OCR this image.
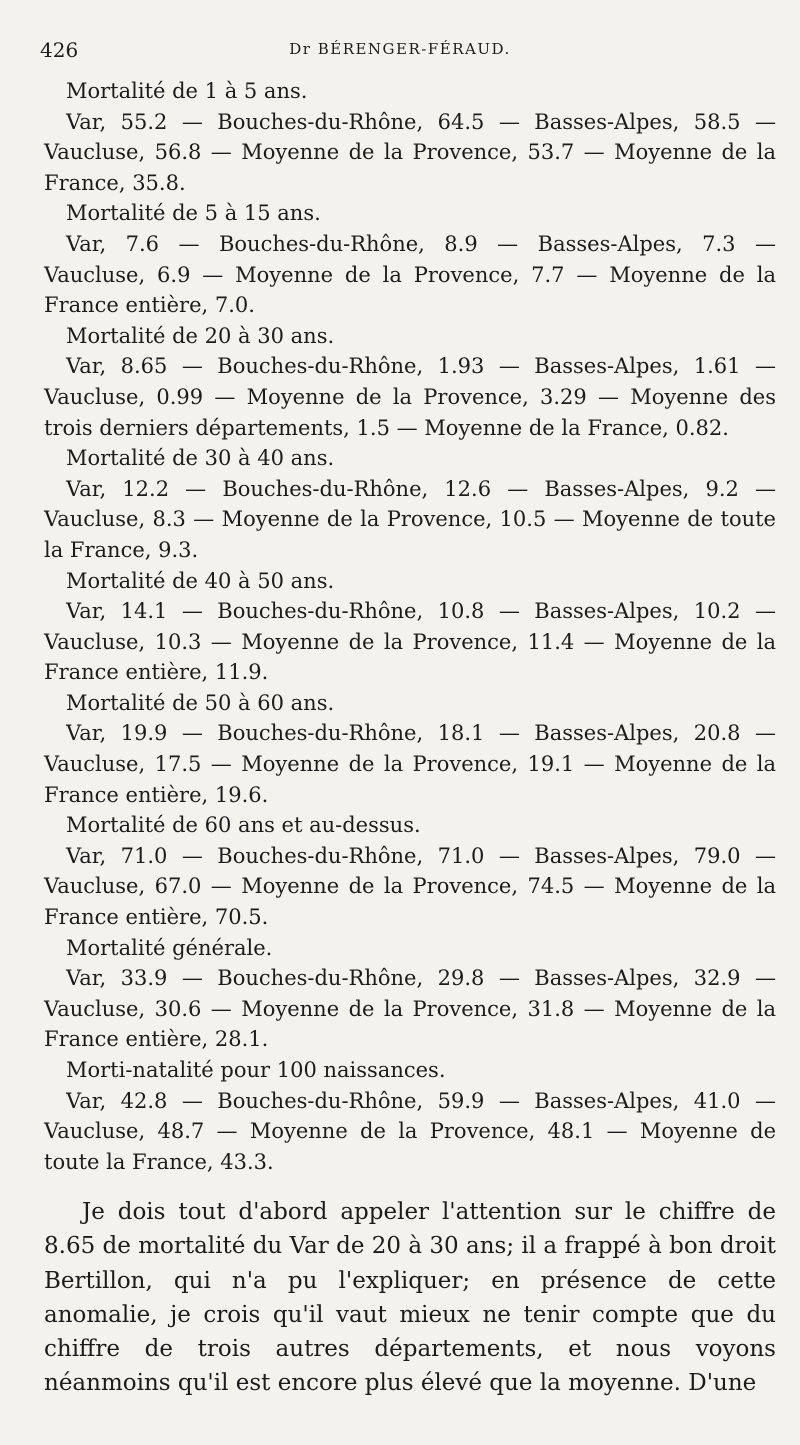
426	Dr BÉRENGER-FÉRAUD.

Mortalité de 1 à 5 ans.

Var, 55.2 — Bouches-du-Rhône, 64.5 — Basses-Alpes, 58.5 — Vaucluse, 56.8 — Moyenne de la Provence, 53.7 — Moyenne de la France, 35.8.

Mortalité de 5 à 15 ans.

Var, 7.6 — Bouches-du-Rhône, 8.9 — Basses-Alpes, 7.3 — Vaucluse, 6.9 — Moyenne de la Provence, 7.7 — Moyenne de la France entière, 7.0.

Mortalité de 20 à 30 ans.

Var, 8.65 — Bouches-du-Rhône, 1.93 — Basses-Alpes, 1.61 — Vaucluse, 0.99 — Moyenne de la Provence, 3.29 — Moyenne des trois derniers départements, 1.5 — Moyenne de la France, 0.82.

Mortalité de 30 à 40 ans.

Var, 12.2 — Bouches-du-Rhône, 12.6 — Basses-Alpes, 9.2 — Vaucluse, 8.3 — Moyenne de la Provence, 10.5 — Moyenne de toute la France, 9.3.

Mortalité de 40 à 50 ans.

Var, 14.1 — Bouches-du-Rhône, 10.8 — Basses-Alpes, 10.2 — Vaucluse, 10.3 — Moyenne de la Provence, 11.4 — Moyenne de la France entière, 11.9.

Mortalité de 50 à 60 ans.

Var, 19.9 — Bouches-du-Rhône, 18.1 — Basses-Alpes, 20.8 — Vaucluse, 17.5 — Moyenne de la Provence, 19.1 — Moyenne de la France entière, 19.6.

Mortalité de 60 ans et au-dessus.

Var, 71.0 — Bouches-du-Rhône, 71.0 — Basses-Alpes, 79.0 — Vaucluse, 67.0 — Moyenne de la Provence, 74.5 — Moyenne de la France entière, 70.5.

Mortalité générale.

Var, 33.9 — Bouches-du-Rhône, 29.8 — Basses-Alpes, 32.9 — Vaucluse, 30.6 — Moyenne de la Provence, 31.8 — Moyenne de la France entière, 28.1.

Morti-natalité pour 100 naissances.

Var, 42.8 — Bouches-du-Rhône, 59.9 — Basses-Alpes, 41.0 — Vaucluse, 48.7 — Moyenne de la Provence, 48.1 — Moyenne de toute la France, 43.3.

Je dois tout d'abord appeler l'attention sur le chiffre de 8.65 de mortalité du Var de 20 à 30 ans; il a frappé à bon droit Bertillon, qui n'a pu l'expliquer; en présence de cette anomalie, je crois qu'il vaut mieux ne tenir compte que du chiffre de trois autres départements, et nous voyons néanmoins qu'il est encore plus élevé que la moyenne. D'une
